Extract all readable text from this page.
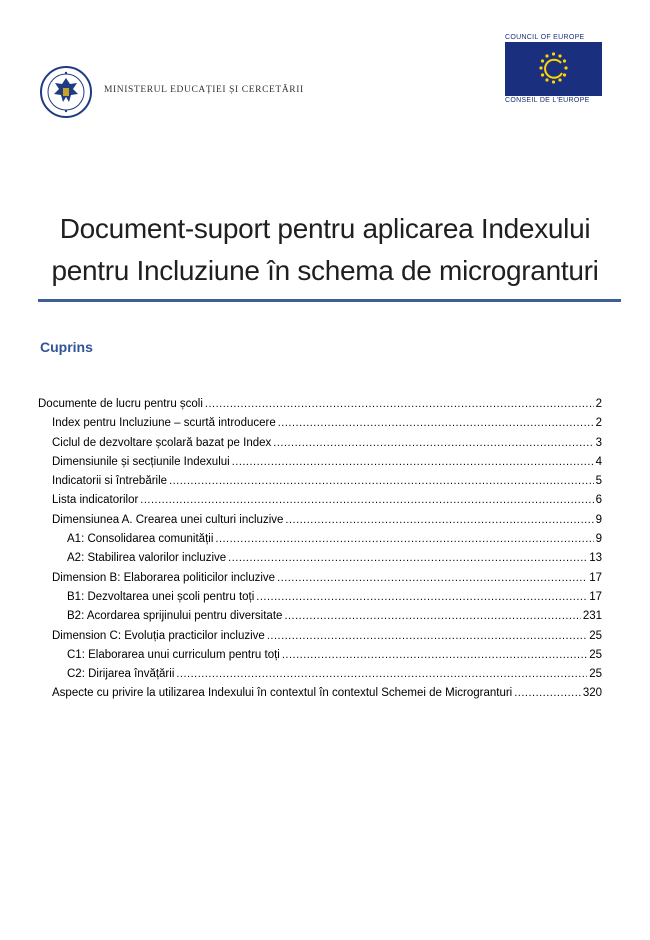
MINISTERUL EDUCAȚIEI ȘI CERCETĂRII
COUNCIL OF EUROPE
CONSEIL DE L'EUROPE
Document-suport pentru aplicarea Indexului
pentru Incluziune în schema de microgranturi
Cuprins
Documente de lucru pentru școli .....	2
Index pentru Incluziune – scurtă introducere .....	2
Ciclul de dezvoltare școlară bazat pe Index .....	3
Dimensiunile și secțiunile Indexului .....	4
Indicatorii si întrebările .....	5
Lista indicatorilor .....	6
Dimensiunea A. Crearea unei culturi incluzive .....	9
A1: Consolidarea comunității .....	9
A2: Stabilirea valorilor incluzive .....	13
Dimension B: Elaborarea politicilor incluzive .....	17
B1: Dezvoltarea unei școli pentru toți .....	17
B2: Acordarea sprijinului pentru diversitate .....	231
Dimension C: Evoluția practicilor incluzive .....	25
C1: Elaborarea unui curriculum pentru toți .....	25
C2: Dirijarea învățării .....	25
Aspecte cu privire la utilizarea Indexului în contextul în contextul Schemei de Microgranturi .....	320
